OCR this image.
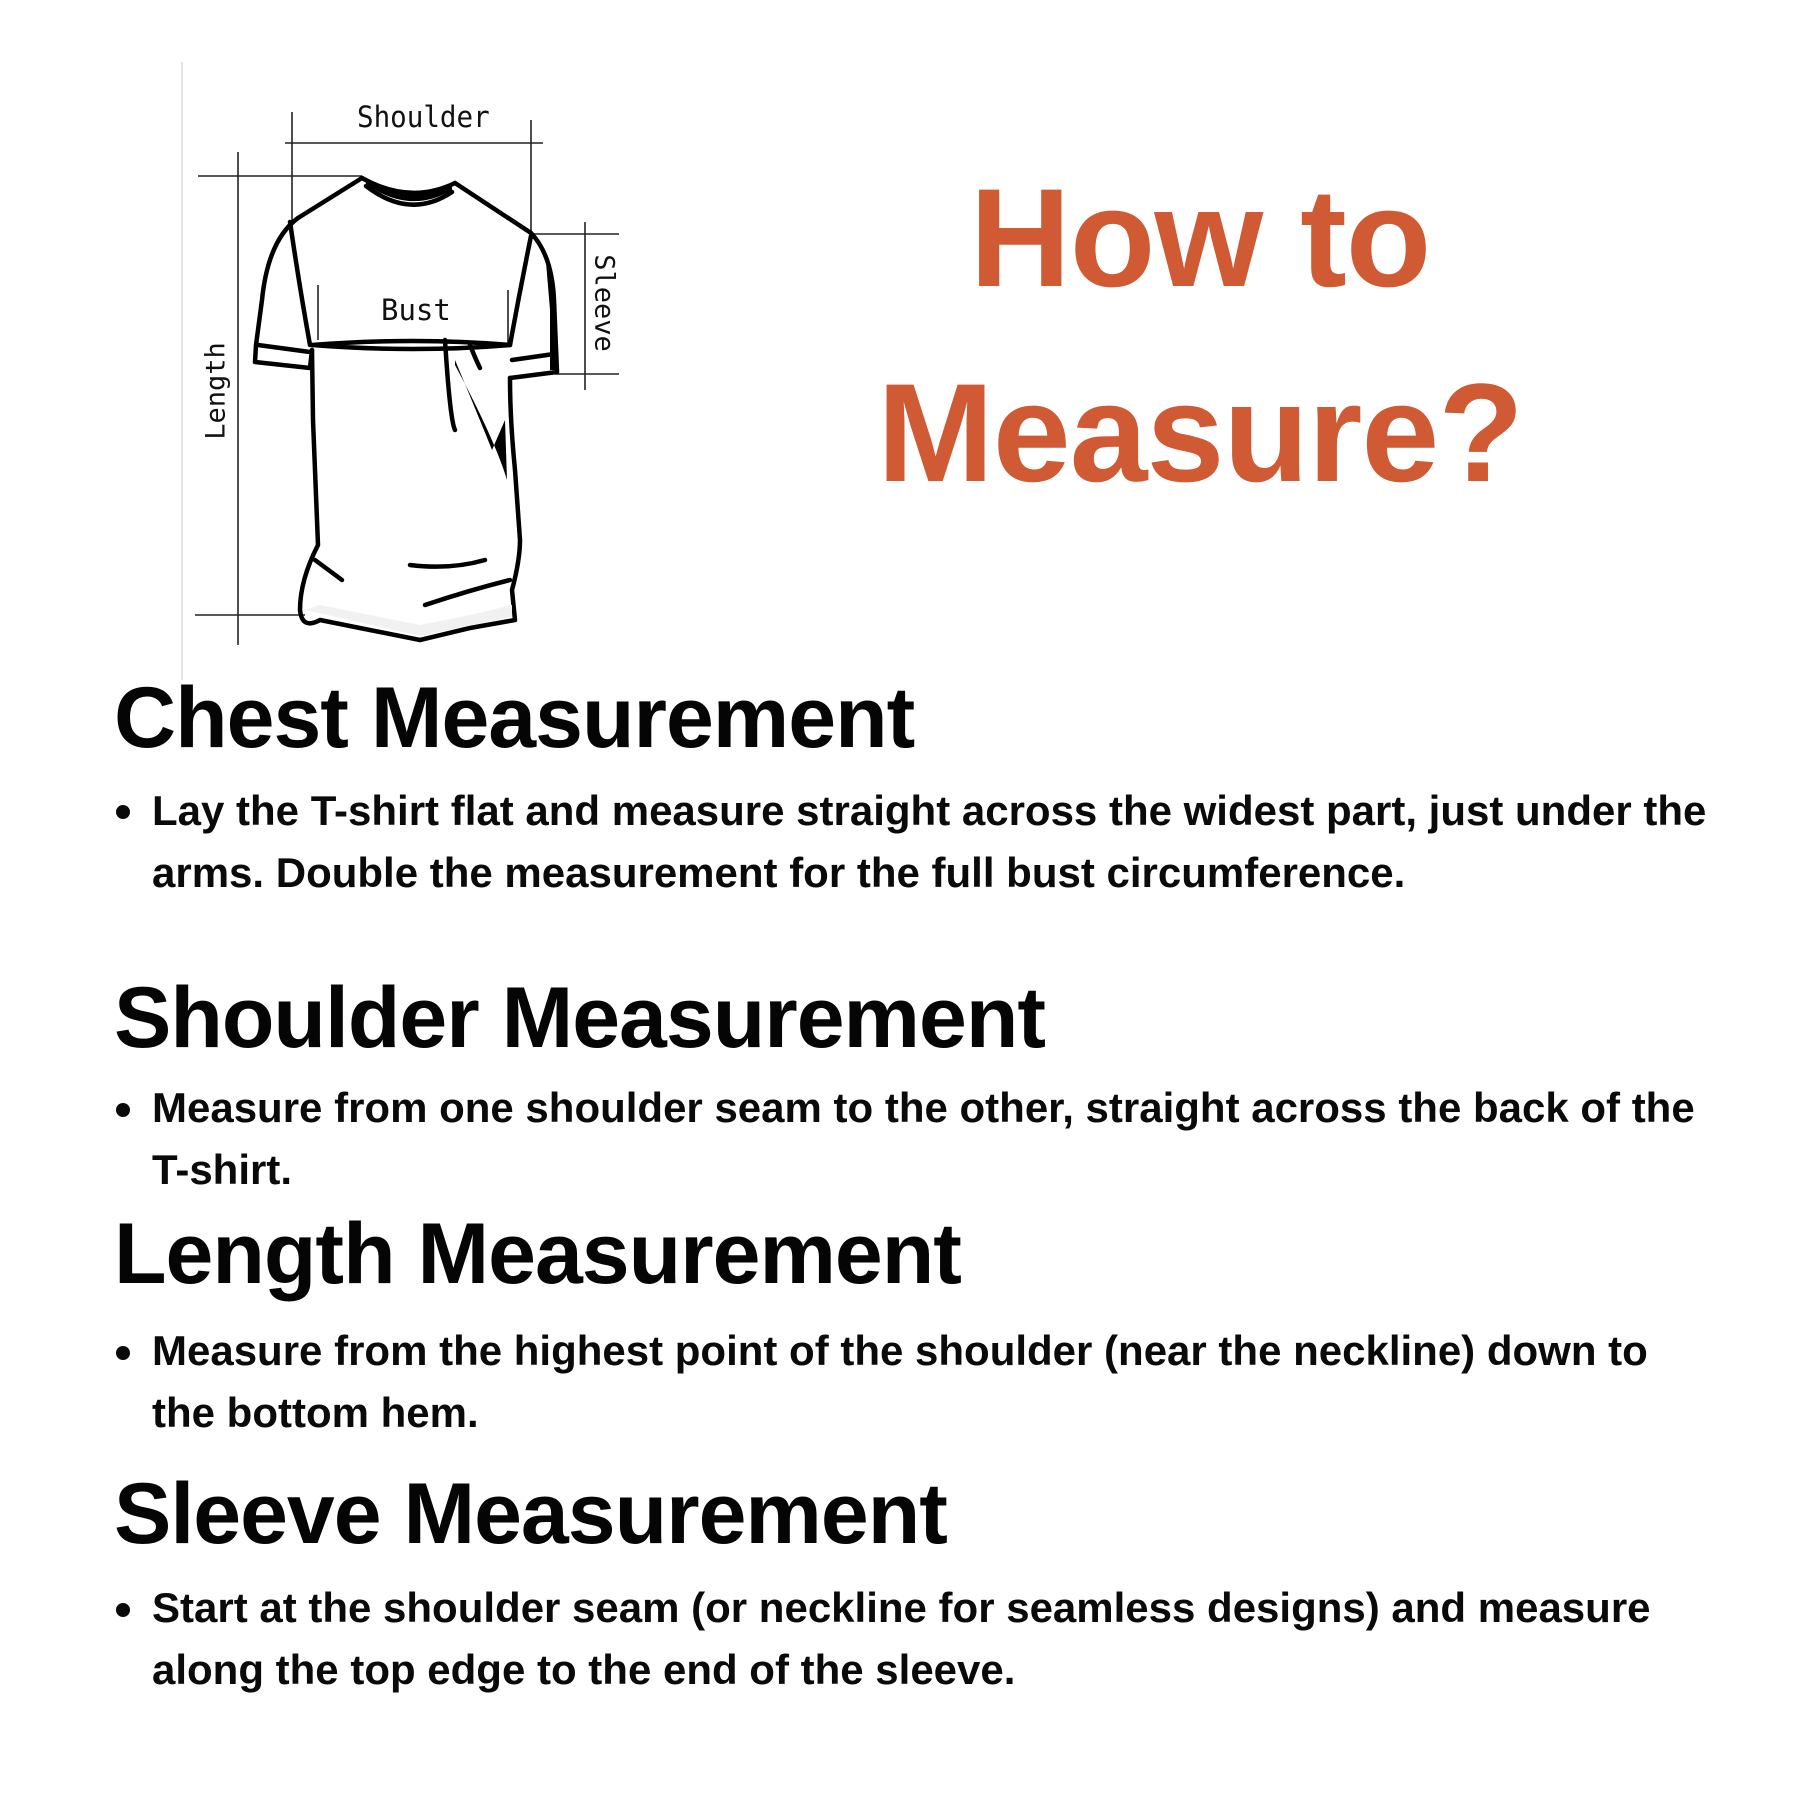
Shoulder
Bust
Length
Sleeve	How to
Measure?
Chest Measurement
Lay the T-shirt flat and measure straight across the widest part, just under the arms. Double the measurement for the full bust circumference.
Shoulder Measurement
Measure from one shoulder seam to the other, straight across the back of the T-shirt.
Length Measurement
Measure from the highest point of the shoulder (near the neckline) down to the bottom hem.
Sleeve Measurement
Start at the shoulder seam (or neckline for seamless designs) and measure along the top edge to the end of the sleeve.
